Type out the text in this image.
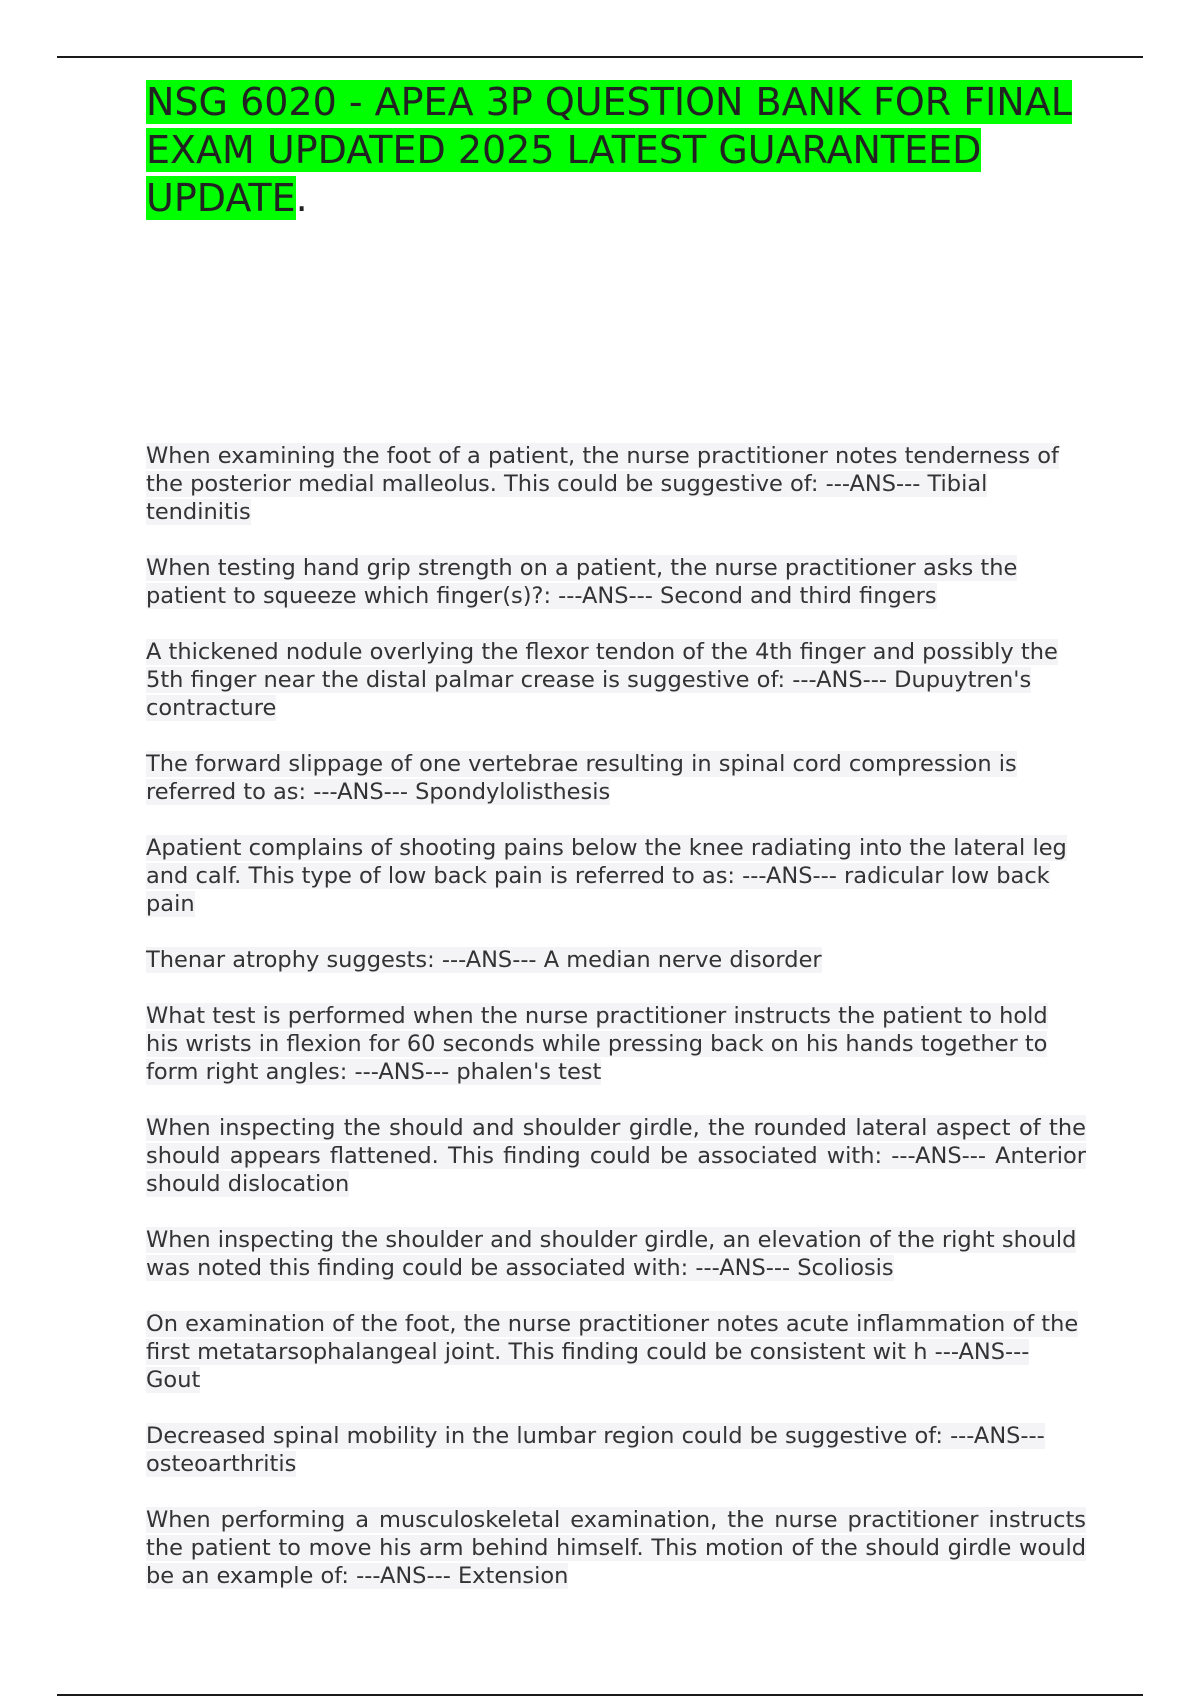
NSG 6020 - APEA 3P QUESTION BANK FOR FINAL EXAM UPDATED 2025 LATEST GUARANTEED UPDATE.

When examining the foot of a patient, the nurse practitioner notes tenderness of the posterior medial malleolus. This could be suggestive of: ---ANS--- Tibial tendinitis

When testing hand grip strength on a patient, the nurse practitioner asks the patient to squeeze which finger(s)?: ---ANS--- Second and third fingers

A thickened nodule overlying the flexor tendon of the 4th finger and possibly the 5th finger near the distal palmar crease is suggestive of: ---ANS--- Dupuytren's contracture

The forward slippage of one vertebrae resulting in spinal cord compression is referred to as: ---ANS--- Spondylolisthesis

Apatient complains of shooting pains below the knee radiating into the lateral leg and calf. This type of low back pain is referred to as: ---ANS--- radicular low back pain

Thenar atrophy suggests: ---ANS--- A median nerve disorder

What test is performed when the nurse practitioner instructs the patient to hold his wrists in flexion for 60 seconds while pressing back on his hands together to form right angles: ---ANS--- phalen's test

When inspecting the should and shoulder girdle, the rounded lateral aspect of the should appears flattened. This finding could be associated with: ---ANS--- Anterior should dislocation

When inspecting the shoulder and shoulder girdle, an elevation of the right should was noted this finding could be associated with: ---ANS--- Scoliosis

On examination of the foot, the nurse practitioner notes acute inflammation of the first metatarsophalangeal joint. This finding could be consistent wit h ---ANS--- Gout

Decreased spinal mobility in the lumbar region could be suggestive of: ---ANS--- osteoarthritis

When performing a musculoskeletal examination, the nurse practitioner instructs the patient to move his arm behind himself. This motion of the should girdle would be an example of: ---ANS--- Extension
